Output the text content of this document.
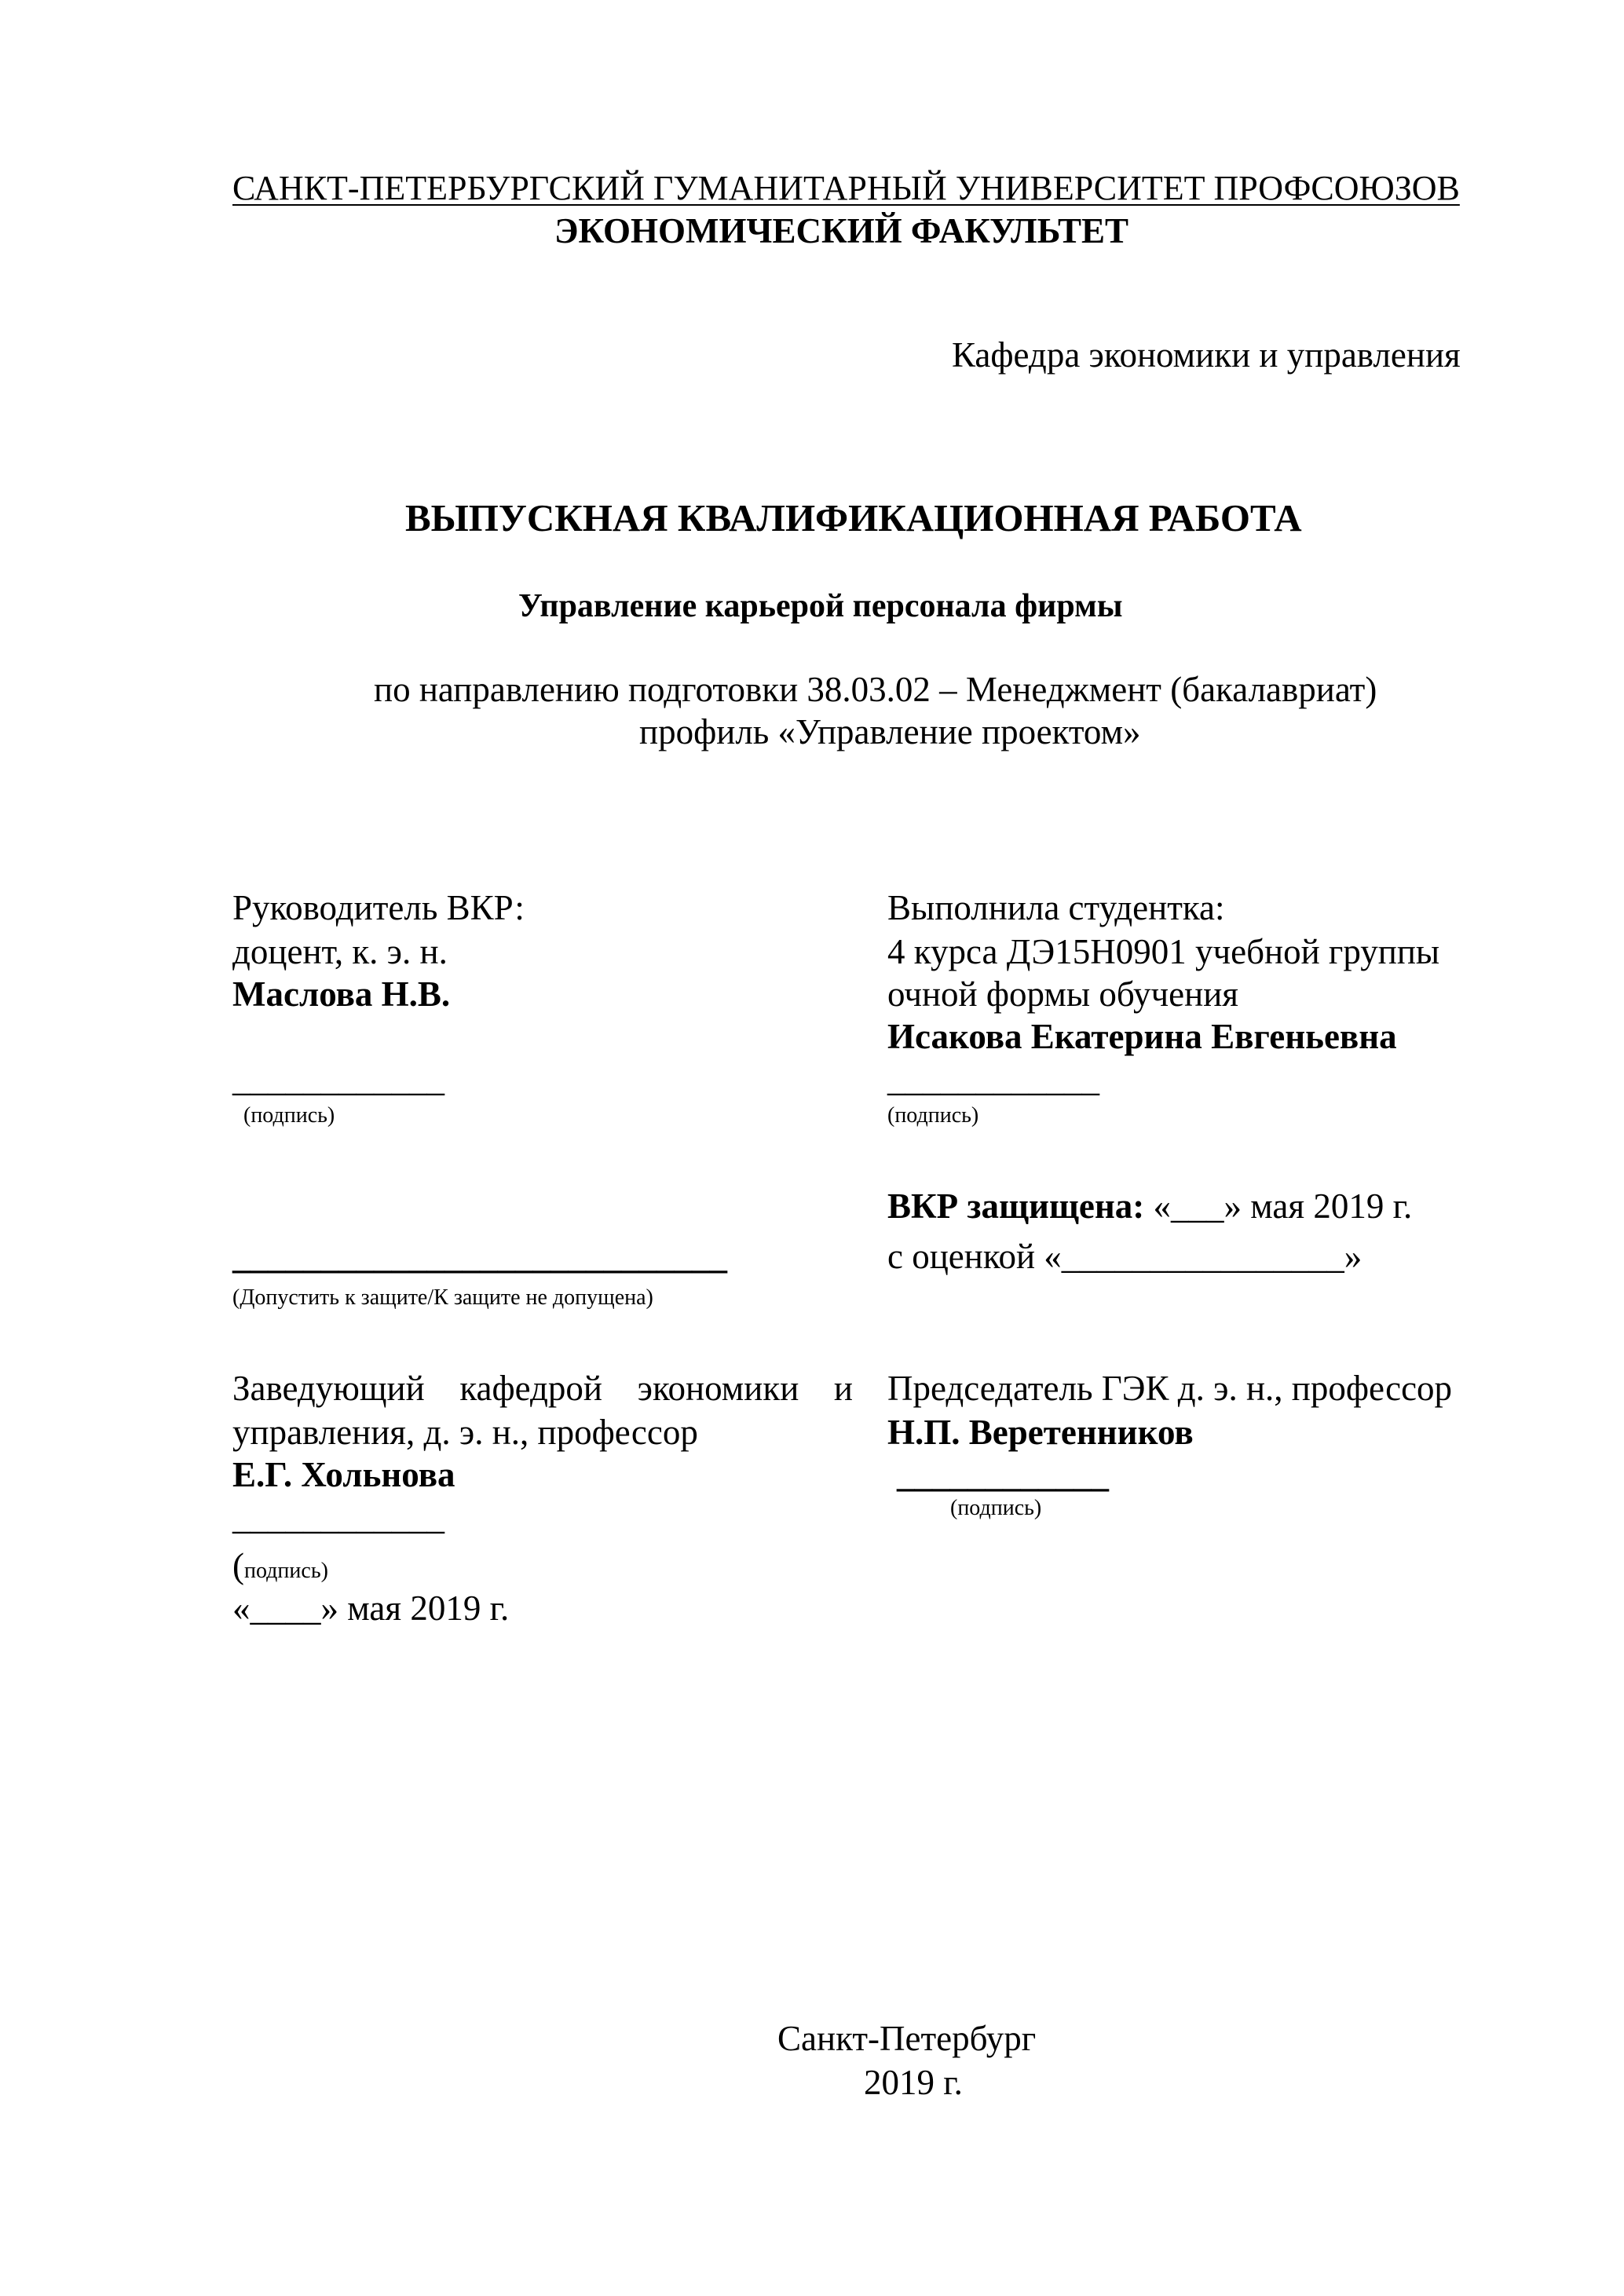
САНКТ-ПЕТЕРБУРГСКИЙ ГУМАНИТАРНЫЙ УНИВЕРСИТЕТ ПРОФСОЮЗОВ
ЭКОНОМИЧЕСКИЙ ФАКУЛЬТЕТ
Кафедра экономики и управления
ВЫПУСКНАЯ КВАЛИФИКАЦИОННАЯ РАБОТА
Управление карьерой персонала фирмы
по направлению подготовки 38.03.02 – Менеджмент (бакалавриат)
профиль «Управление проектом»
Руководитель ВКР:
доцент, к. э. н.
Маслова Н.В.
____________
(подпись)
Выполнила студентка:
4 курса ДЭ15Н0901 учебной группы
очной формы обучения
Исакова Екатерина Евгеньевна
____________
(подпись)
ВКР защищена: «___» мая 2019 г.
с оценкой «________________»
____________________________
(Допустить к защите/К защите не допущена)
Заведующий кафедрой экономики и
управления, д. э. н., профессор
Е.Г. Хольнова
____________
(подпись)
«____» мая 2019 г.
Председатель ГЭК д. э. н., профессор
Н.П. Веретенников
____________
(подпись)
Санкт-Петербург
2019 г.
